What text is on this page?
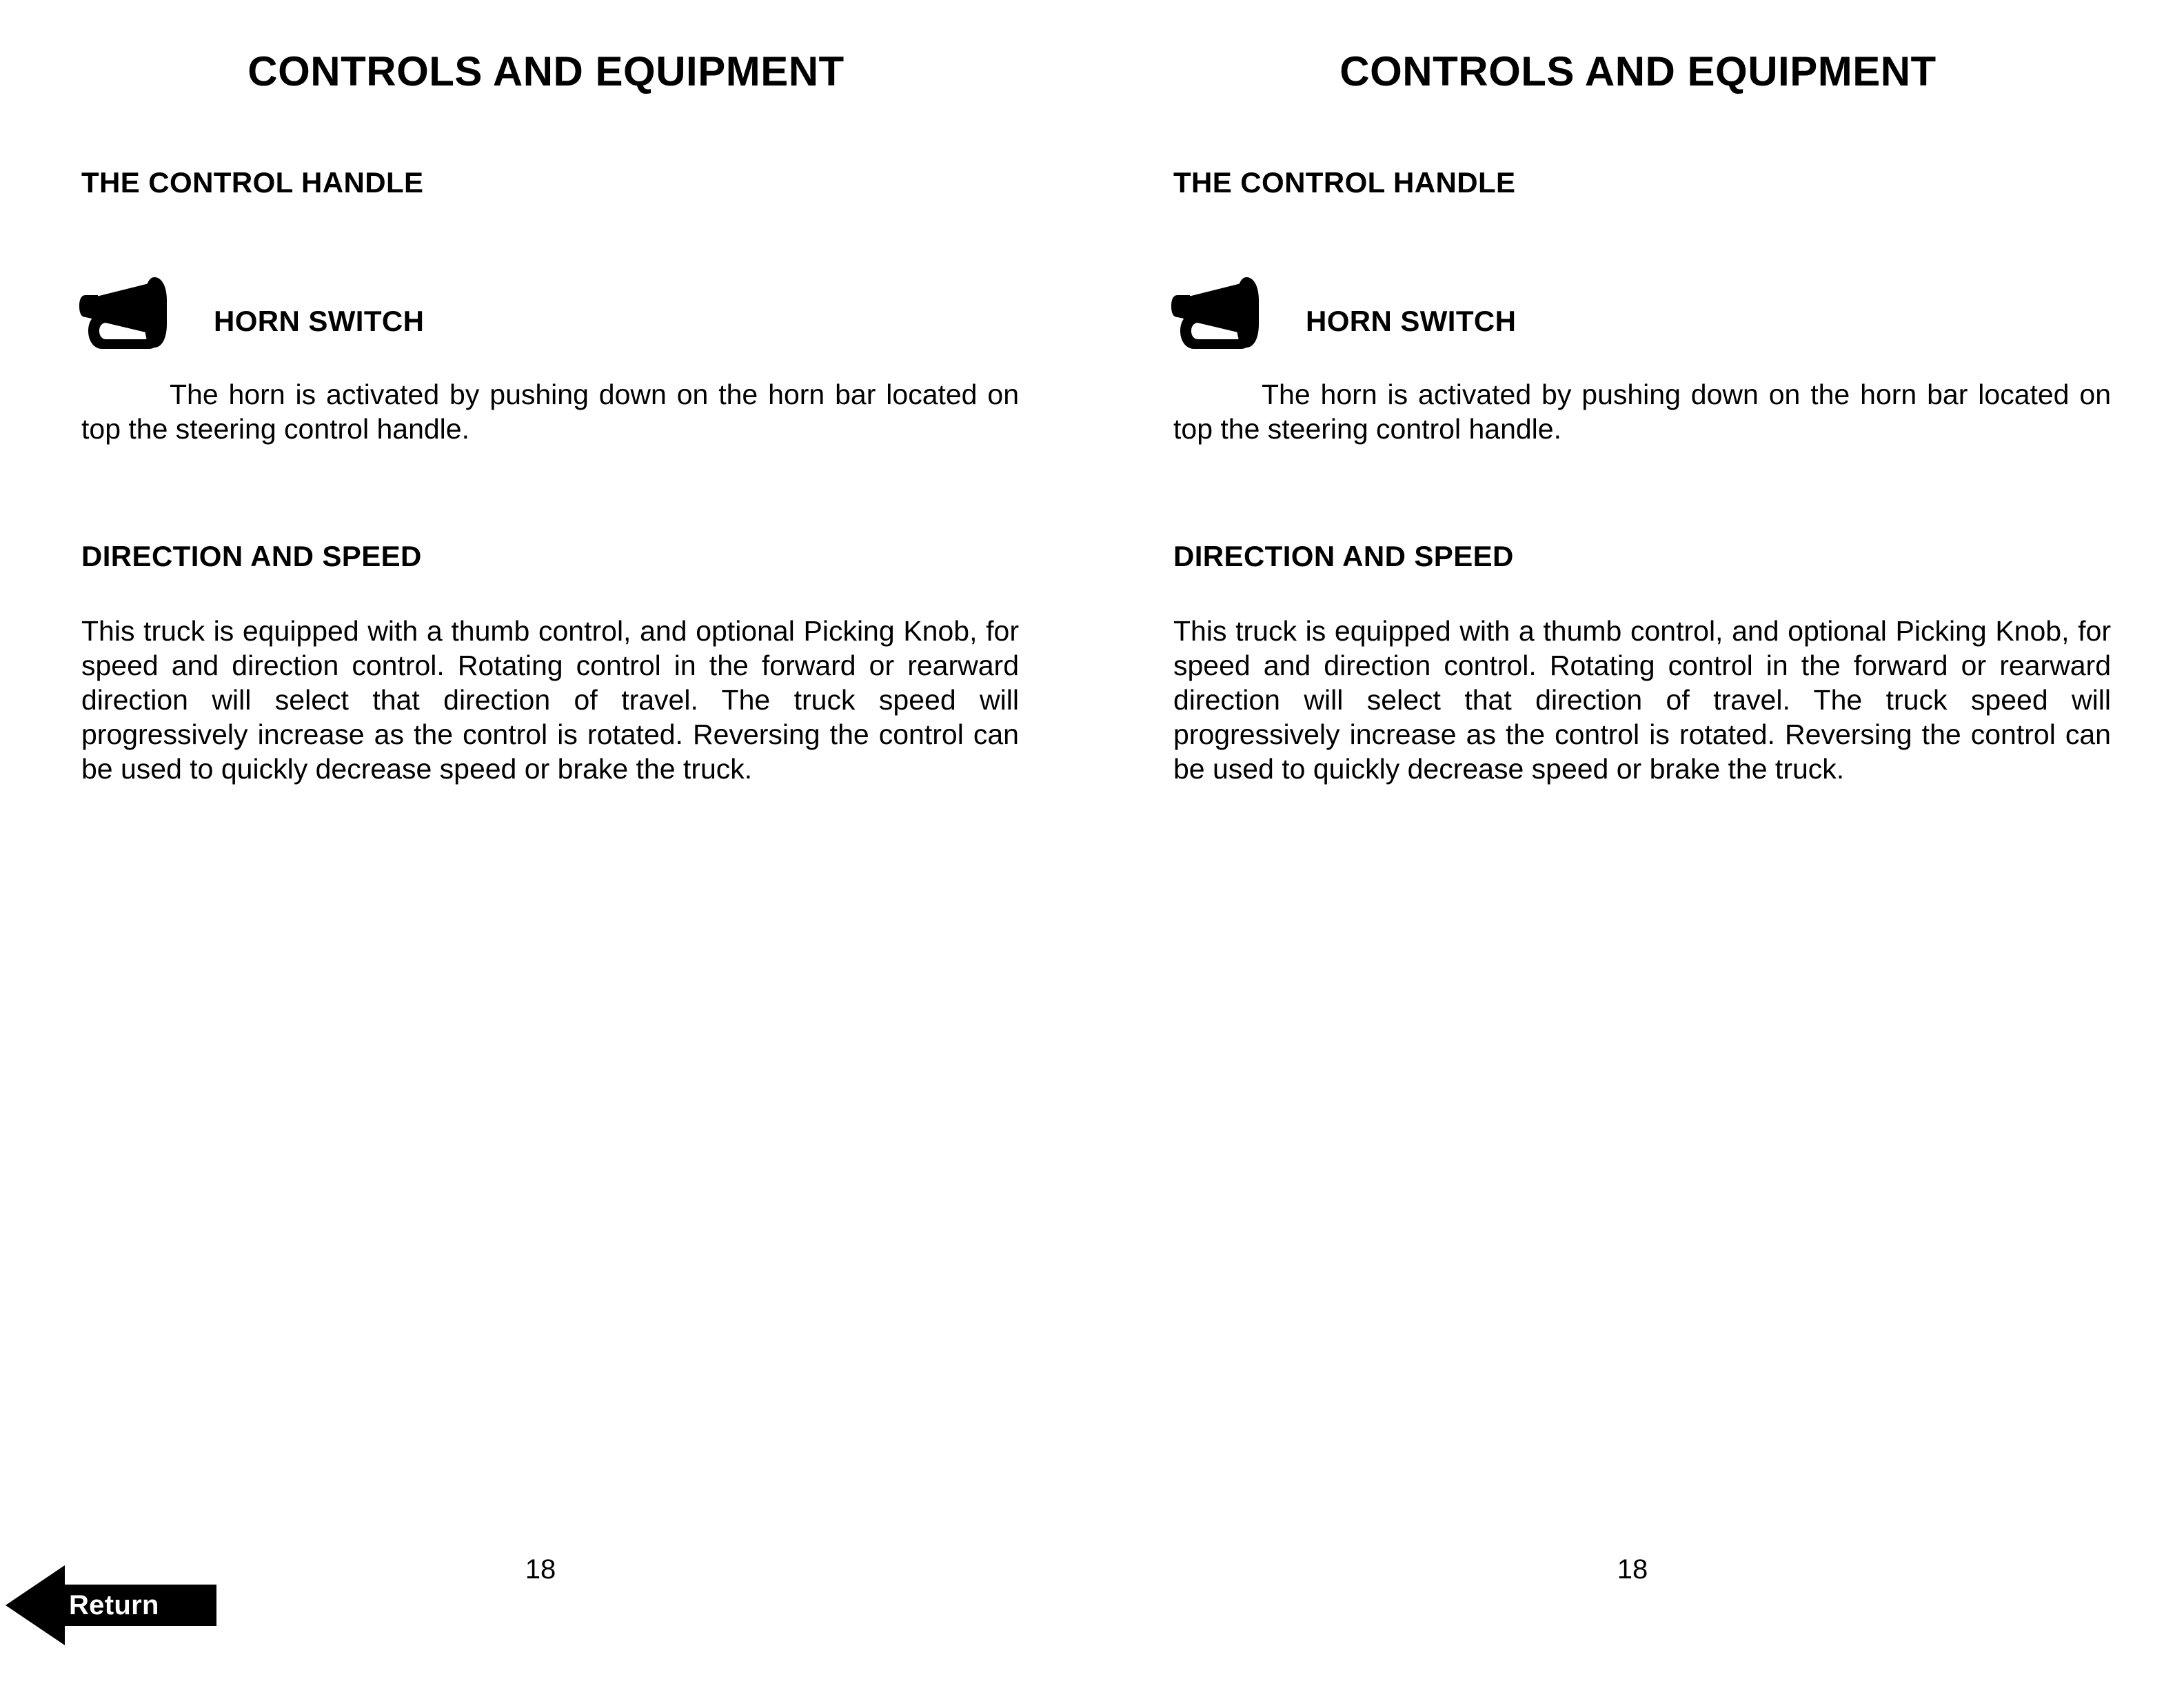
CONTROLS AND EQUIPMENT
THE CONTROL HANDLE
HORN SWITCH
The horn is activated by pushing down on the horn bar located on top the steering control handle.
DIRECTION AND SPEED
This truck is equipped with a thumb control, and optional Picking Knob, for speed and direction control. Rotating control in the forward or rearward direction will select that direction of travel. The truck speed will progressively increase as the control is rotated. Reversing the control can be used to quickly decrease speed or brake the truck.
18
CONTROLS AND EQUIPMENT
THE CONTROL HANDLE
HORN SWITCH
The horn is activated by pushing down on the horn bar located on top the steering control handle.
DIRECTION AND SPEED
This truck is equipped with a thumb control, and optional Picking Knob, for speed and direction control. Rotating control in the forward or rearward direction will select that direction of travel. The truck speed will progressively increase as the control is rotated. Reversing the control can be used to quickly decrease speed or brake the truck.
18
Return
